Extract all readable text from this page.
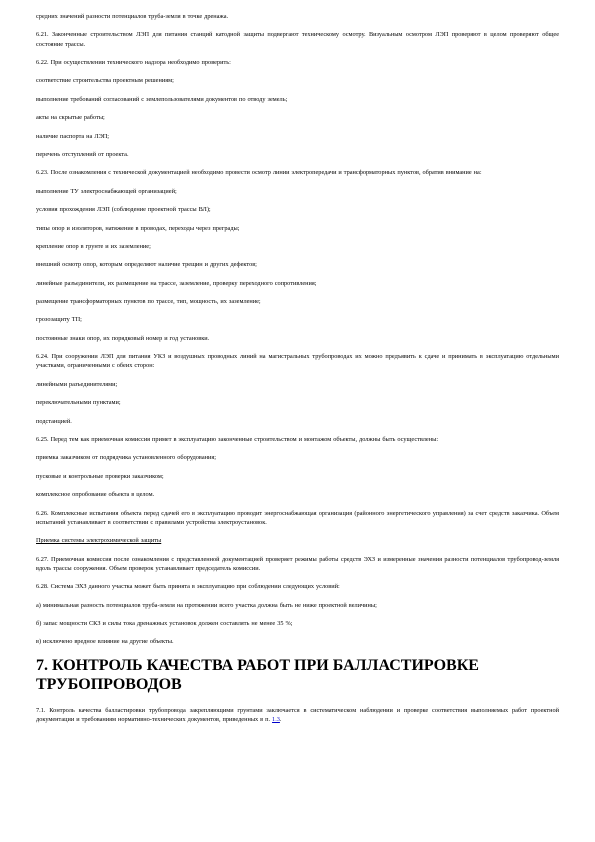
средних значений разности потенциалов труба-земля в точке дренажа.

6.21. Законченные строительством ЛЭП для питания станций катодной защиты подвергают техническому осмотру. Визуальным осмотром ЛЭП проверяют в целом проверяют общее состояние трассы.

6.22. При осуществлении технического надзора необходимо проверить:

соответствие строительства проектным решениям;

выполнение требований согласований с землепользователями документов по отводу земель;

акты на скрытые работы;

наличие паспорта на ЛЭП;

перечень отступлений от проекта.

6.23. После ознакомления с технической документацией необходимо провести осмотр линии электропередачи и трансформаторных пунктов, обратив внимание на:

выполнение ТУ электроснабжающей организацией;

условия прохождения ЛЭП (соблюдение проектной трассы ВЛ);

типы опор и изоляторов, натяжение в проводах, переходы через преграды;

крепление опор в грунте и их заземление;

внешний осмотр опор, которым определяют наличие трещин и других дефектов;

линейные разъединители, их размещение на трассе, заземление, проверку переходного сопротивления;

размещение трансформаторных пунктов по трассе, тип, мощность, их заземление;

грозозащиту ТП;

постоянные знаки опор, их порядковый номер и год установки.

6.24. При сооружении ЛЭП для питания УКЗ и воздушных проводных линий на магистральных трубопроводах их можно предъявить к сдаче и принимать в эксплуатацию отдельными участками, ограниченными с обеих сторон:

линейными разъединителями;

переключательными пунктами;

подстанцией.

6.25. Перед тем как приемочная комиссия примет в эксплуатацию законченные строительством и монтажом объекты, должны быть осуществлены:

приемка заказчиком от подрядчика установленного оборудования;

пусковые и контрольные проверки заказчиком;

комплексное опробование объекта в целом.

6.26. Комплексные испытания объекта перед сдачей его в эксплуатацию проводит энергоснабжающая организация (районного энергетического управления) за счет средств заказчика. Объем испытаний устанавливает в соответствии с правилами устройства электроустановок.

Приемка системы электрохимической защиты

6.27. Приемочная комиссия после ознакомления с представленной документацией проверяет режимы работы средств ЭХЗ и измеренные значения разности потенциалов трубопровод-земля вдоль трассы сооружения. Объем проверок устанавливает председатель комиссии.

6.28. Система ЭХЗ данного участка может быть принята в эксплуатацию при соблюдении следующих условий:

а) минимальная разность потенциалов труба-земля на протяжении всего участка должна быть не ниже проектной величины;

б) запас мощности СКЗ и силы тока дренажных установок должен составлять не менее 35 %;

в) исключено вредное влияние на другие объекты.

7. КОНТРОЛЬ КАЧЕСТВА РАБОТ ПРИ БАЛЛАСТИРОВКЕ ТРУБОПРОВОДОВ

7.1. Контроль качества балластировки трубопровода закрепляющими грунтами заключается в систематическом наблюдении и проверке соответствия выполняемых работ проектной документации и требованиям нормативно-технических документов, приведенных в п. 1.3.
